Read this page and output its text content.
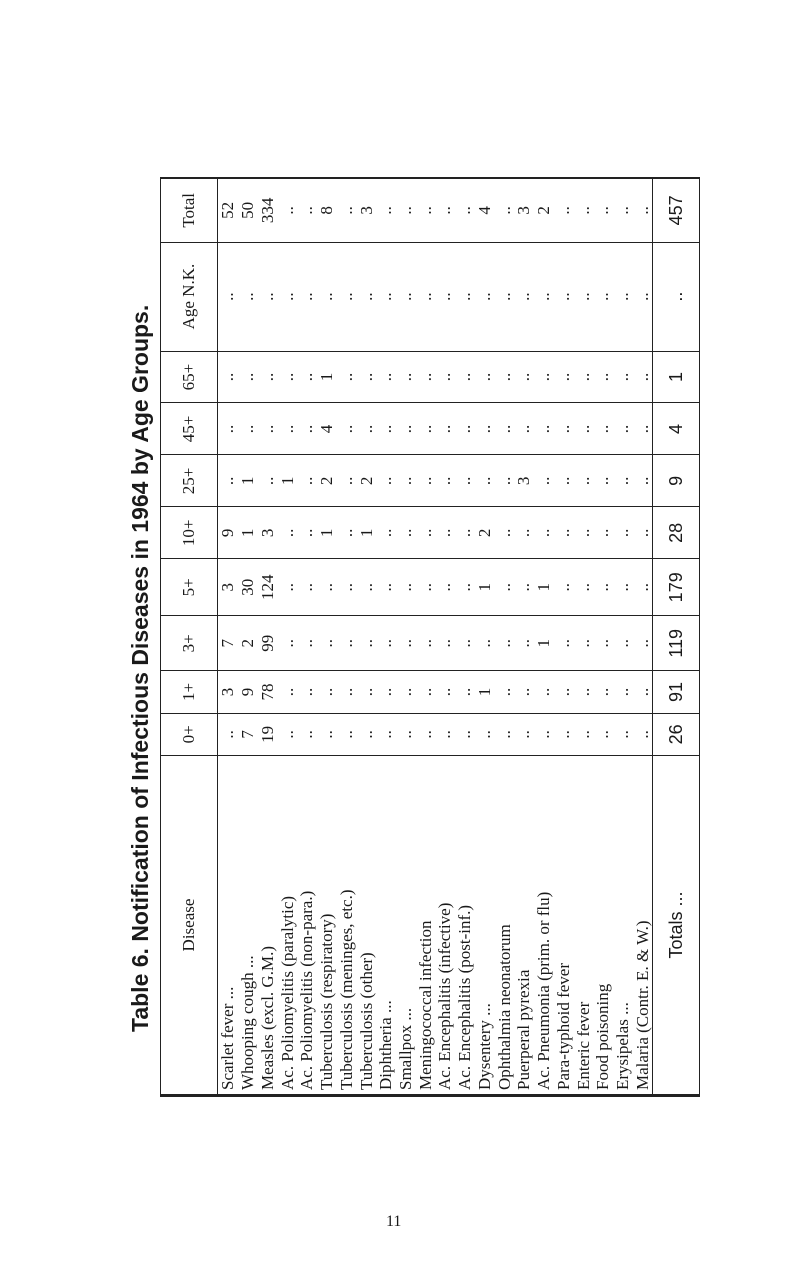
Table 6. Notification of Infectious Diseases in 1964 by Age Groups.	Disease	0+	1+	3+	5+	10+	25+	45+	65+	Age N.K.	Total
Scarlet fever ...	..	3	7	3	9	..	..	..	..	52
Whooping cough ...	7	9	2	30	1	1	..	..	..	50
Measles (excl. G.M.)	19	78	99	124	3	..	..	..	..	334
Ac. Poliomyelitis (paralytic)	..	..	..	..	..	1	..	..	..	..
Ac. Poliomyelitis (non-para.)	..	..	..	..	..	..	..	..	..	..
Tuberculosis (respiratory)	..	..	..	..	1	2	4	1	..	8
Tuberculosis (meninges, etc.)	..	..	..	..	..	..	..	..	..	..
Tuberculosis (other)	..	..	..	..	1	2	..	..	..	3
Diphtheria ...	..	..	..	..	..	..	..	..	..	..
Smallpox ...	..	..	..	..	..	..	..	..	..	..
Meningococcal infection	..	..	..	..	..	..	..	..	..	..
Ac. Encephalitis (infective)	..	..	..	..	..	..	..	..	..	..
Ac. Encephalitis (post-inf.)	..	..	..	..	..	..	..	..	..	..
Dysentery ...	..	1	..	1	2	..	..	..	..	4
Ophthalmia neonatorum	..	..	..	..	..	..	..	..	..	..
Puerperal pyrexia	..	..	..	..	..	3	..	..	..	3
Ac. Pneumonia (prim. or flu)	..	..	1	1	..	..	..	..	..	2
Para-typhoid fever	..	..	..	..	..	..	..	..	..	..
Enteric fever	..	..	..	..	..	..	..	..	..	..
Food poisoning	..	..	..	..	..	..	..	..	..	..
Erysipelas ...	..	..	..	..	..	..	..	..	..	..
Malaria (Contr. E. & W.)	..	..	..	..	..	..	..	..	..	..
Totals ...	26	91	119	179	28	9	4	1	..	457
11
